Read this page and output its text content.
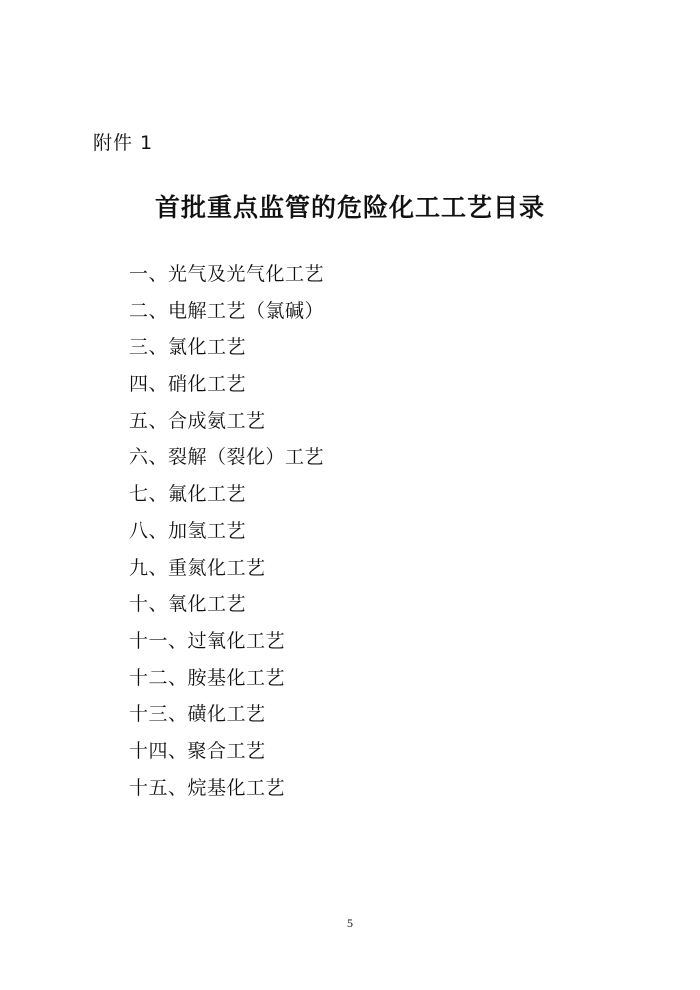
附件 1
首批重点监管的危险化工工艺目录
一、光气及光气化工艺
二、电解工艺（氯碱）
三、氯化工艺
四、硝化工艺
五、合成氨工艺
六、裂解（裂化）工艺
七、氟化工艺
八、加氢工艺
九、重氮化工艺
十、氧化工艺
十一、过氧化工艺
十二、胺基化工艺
十三、磺化工艺
十四、聚合工艺
十五、烷基化工艺
5
